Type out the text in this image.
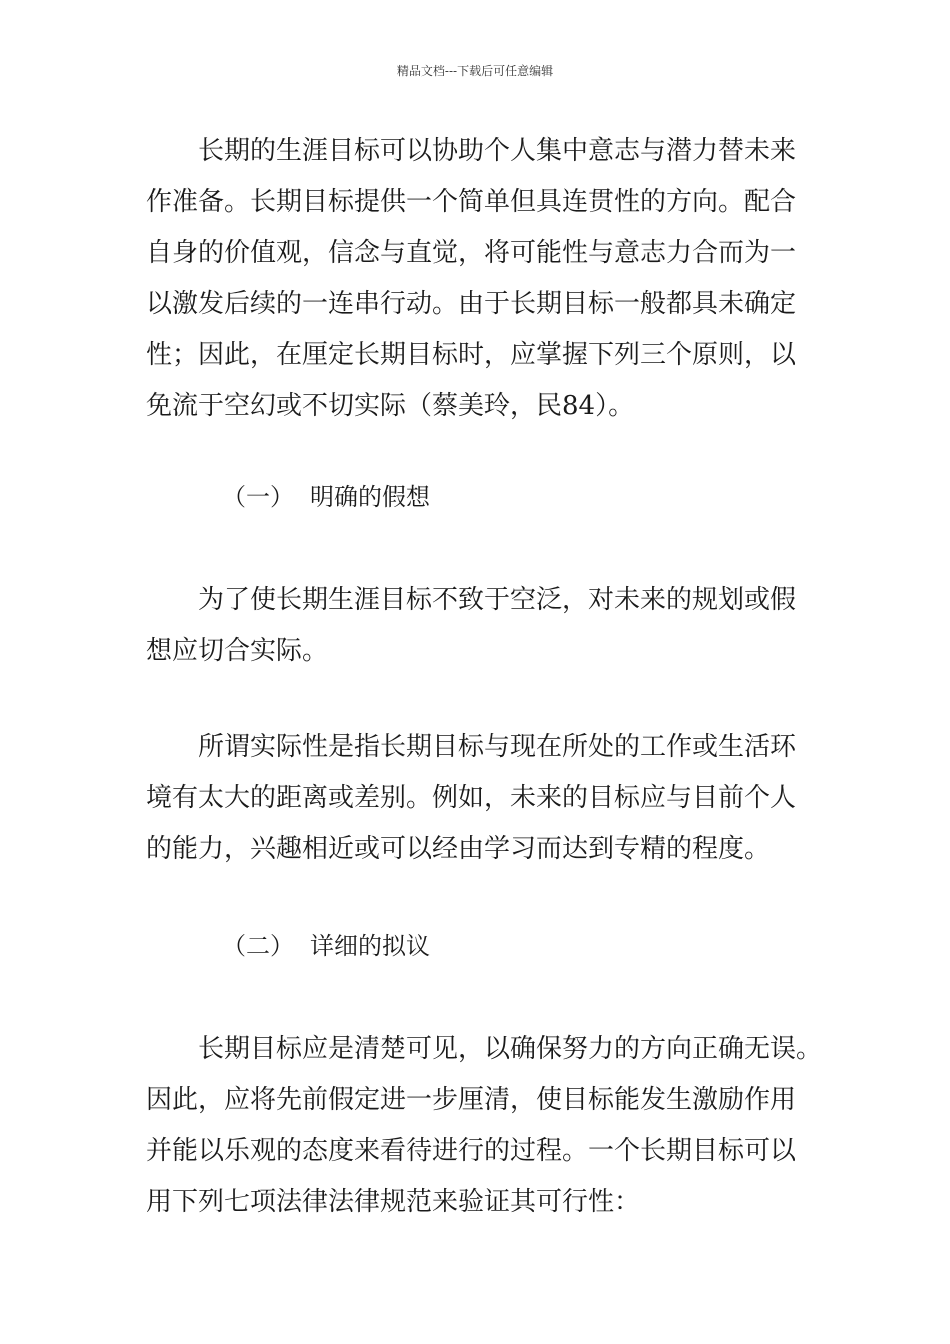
精品文档---下载后可任意编辑
　　长期的生涯目标可以协助个人集中意志与潜力替未来
作准备。长期目标提供一个简单但具连贯性的方向。配合
自身的价值观，信念与直觉，将可能性与意志力合而为一
以激发后续的一连串行动。由于长期目标一般都具未确定
性；因此，在厘定长期目标时，应掌握下列三个原则，以
免流于空幻或不切实际（蔡美玲，民84）。
（一） 明确的假想
　　为了使长期生涯目标不致于空泛，对未来的规划或假
想应切合实际。
　　所谓实际性是指长期目标与现在所处的工作或生活环
境有太大的距离或差别。例如，未来的目标应与目前个人
的能力，兴趣相近或可以经由学习而达到专精的程度。
（二） 详细的拟议
　　长期目标应是清楚可见，以确保努力的方向正确无误。
因此，应将先前假定进一步厘清，使目标能发生激励作用
并能以乐观的态度来看待进行的过程。一个长期目标可以
用下列七项法律法律规范来验证其可行性：
